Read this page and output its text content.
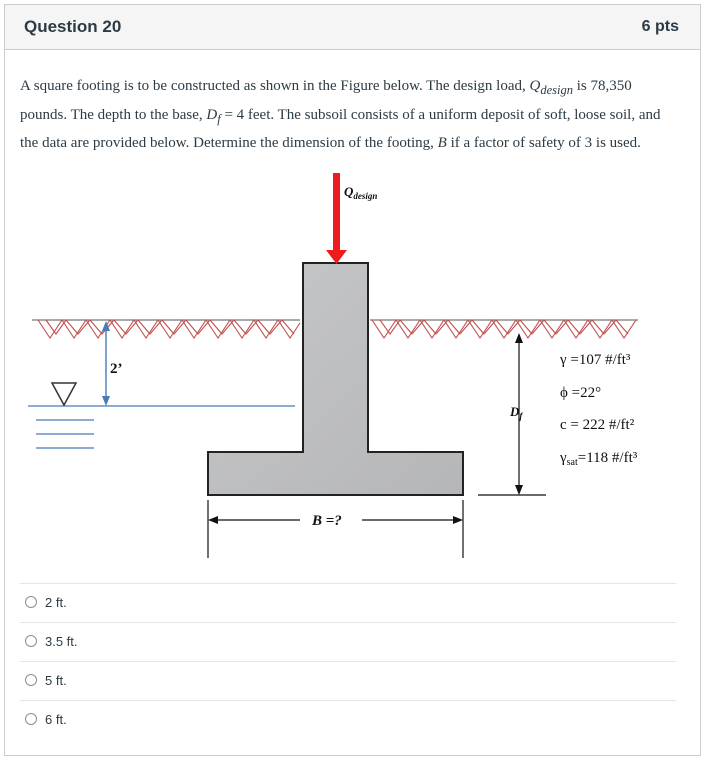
Question 20	6 pts
A square footing is to be constructed as shown in the Figure below. The design load, $Q_{design}$ is 78,350 pounds. The depth to the base, $D_f = 4$ feet. The subsoil consists of a uniform deposit of soft, loose soil, and the data are provided below. Determine the dimension of the footing, B if a factor of safety of 3 is used.
2’
$Q_{design}$
$D_f$
B =?
γ =107 #/ft³
ϕ =22°
c = 222 #/ft²
$\gamma_{sat}=118$ #/ft³
2 ft.
3.5 ft.
5 ft.
6 ft.
